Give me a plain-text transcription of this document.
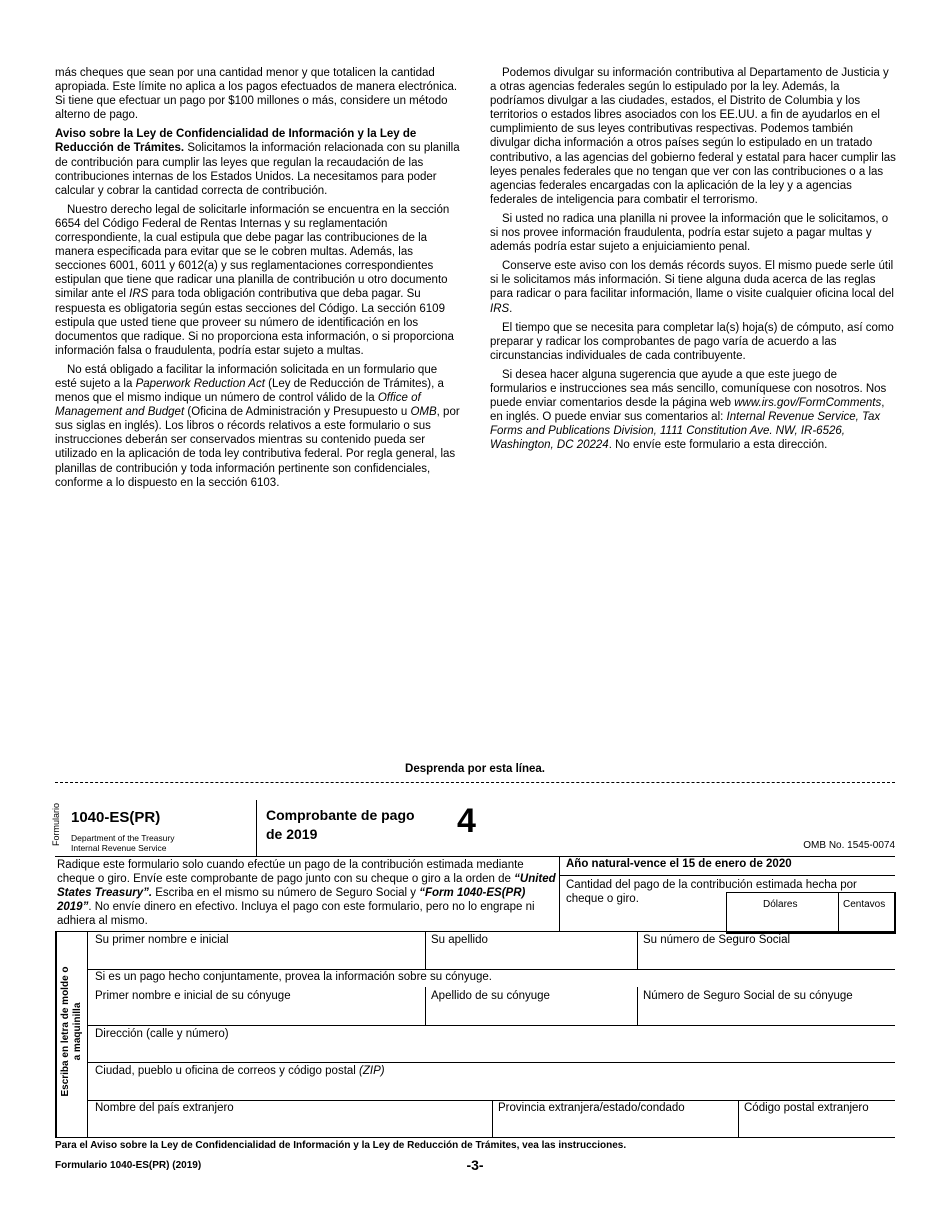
más cheques que sean por una cantidad menor y que totalicen la cantidad apropiada. Este límite no aplica a los pagos efectuados de manera electrónica. Si tiene que efectuar un pago por $100 millones o más, considere un método alterno de pago.

Aviso sobre la Ley de Confidencialidad de Información y la Ley de Reducción de Trámites. Solicitamos la información relacionada con su planilla de contribución para cumplir las leyes que regulan la recaudación de las contribuciones internas de los Estados Unidos. La necesitamos para poder calcular y cobrar la cantidad correcta de contribución.

Nuestro derecho legal de solicitarle información se encuentra en la sección 6654 del Código Federal de Rentas Internas y su reglamentación correspondiente, la cual estipula que debe pagar las contribuciones de la manera especificada para evitar que se le cobren multas. Además, las secciones 6001, 6011 y 6012(a) y sus reglamentaciones correspondientes estipulan que tiene que radicar una planilla de contribución u otro documento similar ante el IRS para toda obligación contributiva que deba pagar. Su respuesta es obligatoria según estas secciones del Código. La sección 6109 estipula que usted tiene que proveer su número de identificación en los documentos que radique. Si no proporciona esta información, o si proporciona información falsa o fraudulenta, podría estar sujeto a multas.

No está obligado a facilitar la información solicitada en un formulario que esté sujeto a la Paperwork Reduction Act (Ley de Reducción de Trámites), a menos que el mismo indique un número de control válido de la Office of Management and Budget (Oficina de Administración y Presupuesto u OMB, por sus siglas en inglés). Los libros o récords relativos a este formulario o sus instrucciones deberán ser conservados mientras su contenido pueda ser utilizado en la aplicación de toda ley contributiva federal. Por regla general, las planillas de contribución y toda información pertinente son confidenciales, conforme a lo dispuesto en la sección 6103.

Podemos divulgar su información contributiva al Departamento de Justicia y a otras agencias federales según lo estipulado por la ley. Además, la podríamos divulgar a las ciudades, estados, el Distrito de Columbia y los territorios o estados libres asociados con los EE.UU. a fin de ayudarlos en el cumplimiento de sus leyes contributivas respectivas. Podemos también divulgar dicha información a otros países según lo estipulado en un tratado contributivo, a las agencias del gobierno federal y estatal para hacer cumplir las leyes penales federales que no tengan que ver con las contribuciones o a las agencias federales encargadas con la aplicación de la ley y a agencias federales de inteligencia para combatir el terrorismo.

Si usted no radica una planilla ni provee la información que le solicitamos, o si nos provee información fraudulenta, podría estar sujeto a pagar multas y además podría estar sujeto a enjuiciamiento penal.

Conserve este aviso con los demás récords suyos. El mismo puede serle útil si le solicitamos más información. Si tiene alguna duda acerca de las reglas para radicar o para facilitar información, llame o visite cualquier oficina local del IRS.

El tiempo que se necesita para completar la(s) hoja(s) de cómputo, así como preparar y radicar los comprobantes de pago varía de acuerdo a las circunstancias individuales de cada contribuyente.

Si desea hacer alguna sugerencia que ayude a que este juego de formularios e instrucciones sea más sencillo, comuníquese con nosotros. Nos puede enviar comentarios desde la página web www.irs.gov/FormComments, en inglés. O puede enviar sus comentarios al: Internal Revenue Service, Tax Forms and Publications Division, 1111 Constitution Ave. NW, IR-6526, Washington, DC 20224. No envíe este formulario a esta dirección.

Desprenda por esta línea.
Formulario 1040-ES(PR)
Department of the Treasury
Internal Revenue Service
Comprobante de pago
de 2019	4
OMB No. 1545-0074
Radique este formulario solo cuando efectúe un pago de la contribución estimada mediante cheque o giro. Envíe este comprobante de pago junto con su cheque o giro a la orden de “United States Treasury”. Escriba en el mismo su número de Seguro Social y “Form 1040-ES(PR) 2019”. No envíe dinero en efectivo. Incluya el pago con este formulario, pero no lo engrape ni adhiera al mismo.
Año natural-vence el 15 de enero de 2020
Cantidad del pago de la contribución estimada hecha por cheque o giro.	Dólares	Centavos
Escriba en letra de molde o a maquinilla
Su primer nombre e inicial	Su apellido	Su número de Seguro Social
Si es un pago hecho conjuntamente, provea la información sobre su cónyuge.
Primer nombre e inicial de su cónyuge	Apellido de su cónyuge	Número de Seguro Social de su cónyuge
Dirección (calle y número)
Ciudad, pueblo u oficina de correos y código postal (ZIP)
Nombre del país extranjero	Provincia extranjera/estado/condado	Código postal extranjero
Para el Aviso sobre la Ley de Confidencialidad de Información y la Ley de Reducción de Trámites, vea las instrucciones.
Formulario 1040-ES(PR) (2019)	-3-
